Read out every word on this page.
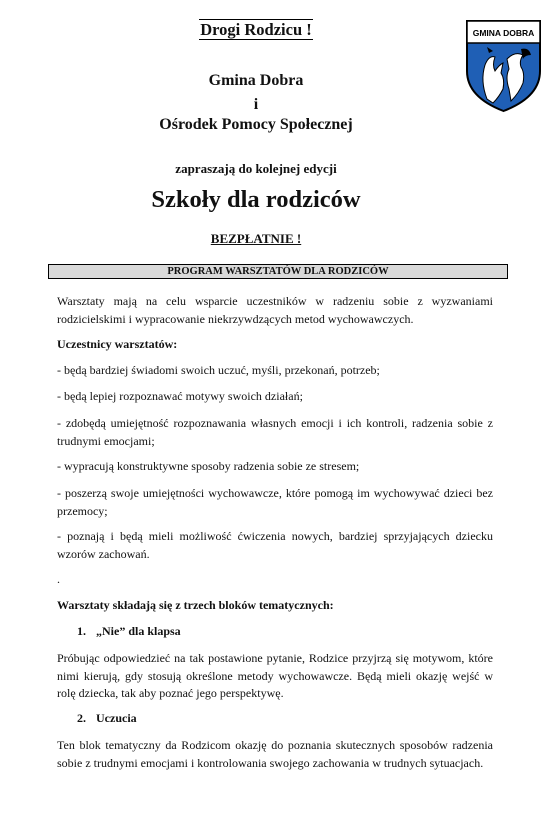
Drogi Rodzicu !
Gmina Dobra
i
Ośrodek Pomocy Społecznej
zapraszają do kolejnej edycji
Szkoły dla rodziców
BEZPŁATNIE !
GMINA DOBRA
PROGRAM WARSZTATÓW DLA RODZICÓW
Warsztaty mają na celu wsparcie uczestników w radzeniu sobie z wyzwaniami rodzicielskimi i wypracowanie niekrzywdzących metod wychowawczych.
Uczestnicy warsztatów:
- będą bardziej świadomi swoich uczuć, myśli, przekonań, potrzeb;
- będą lepiej rozpoznawać motywy swoich działań;
- zdobędą umiejętność rozpoznawania własnych emocji i ich kontroli, radzenia sobie z trudnymi emocjami;
- wypracują konstruktywne sposoby radzenia sobie ze stresem;
- poszerzą swoje umiejętności wychowawcze, które pomogą im wychowywać dzieci bez przemocy;
- poznają i będą mieli możliwość ćwiczenia nowych, bardziej sprzyjających dziecku wzorów zachowań.
.
Warsztaty składają się z trzech bloków tematycznych:
1. „Nie” dla klapsa
Próbując odpowiedzieć na tak postawione pytanie, Rodzice przyjrzą się motywom, które nimi kierują, gdy stosują określone metody wychowawcze. Będą mieli okazję wejść w rolę dziecka, tak aby poznać jego perspektywę.
2. Uczucia
Ten blok tematyczny da Rodzicom okazję do poznania skutecznych sposobów radzenia sobie z trudnymi emocjami i kontrolowania swojego zachowania w trudnych sytuacjach.
